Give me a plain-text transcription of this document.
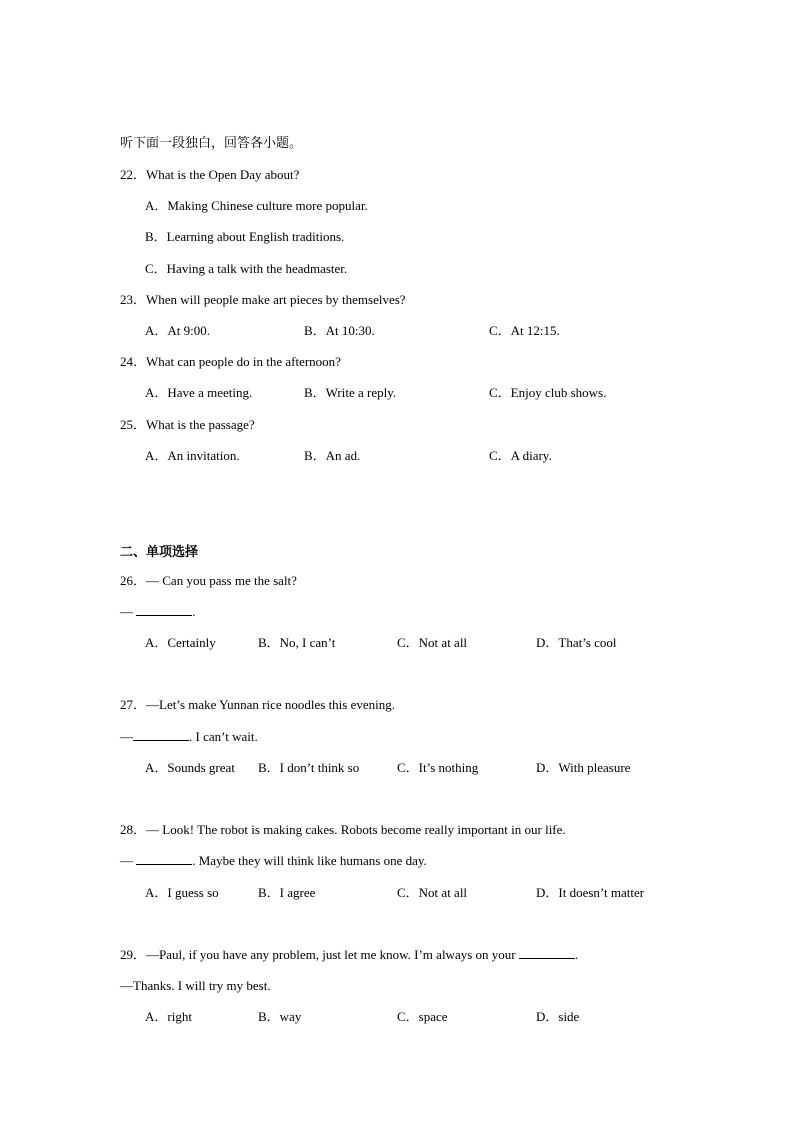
听下面一段独白，回答各小题。
22．What is the Open Day about?
A．Making Chinese culture more popular.
B．Learning about English traditions.
C．Having a talk with the headmaster.
23．When will people make art pieces by themselves?
A．At 9:00.	B．At 10:30.	C．At 12:15.
24．What can people do in the afternoon?
A．Have a meeting.	B．Write a reply.	C．Enjoy club shows.
25．What is the passage?
A．An invitation.	B．An ad.	C．A diary.
二、单项选择
26．— Can you pass me the salt?
—	.
A．Certainly	B．No, I can’t	C．Not at all	D．That’s cool
27．—Let’s make Yunnan rice noodles this evening.
—	. I can’t wait.
A．Sounds great B．I don’t think so	C．It’s nothing	D．With pleasure
28．— Look! The robot is making cakes. Robots become really important in our life.
—	. Maybe they will think like humans one day.
A．I guess so	B．I agree	C．Not at all	D．It doesn’t matter
29．—Paul, if you have any problem, just let me know. I’m always on your	.
—Thanks. I will try my best.
A．right	B．way	C．space	D．side
